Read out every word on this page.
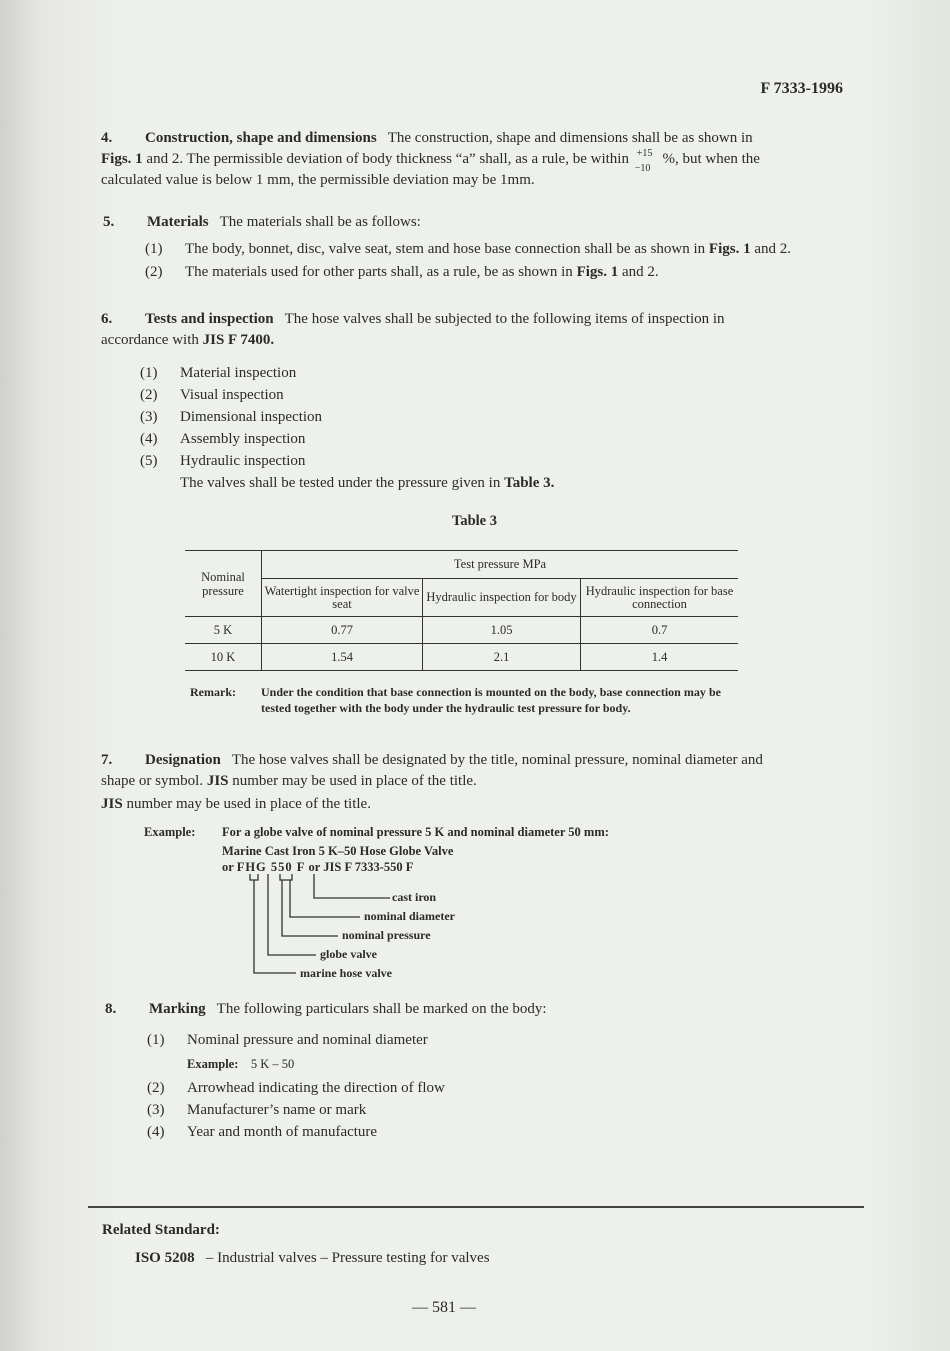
F 7333-1996
4. Construction, shape and dimensions The construction, shape and dimensions shall be as shown in
Figs. 1 and 2. The permissible deviation of body thickness “a” shall, as a rule, be within +15
−10
%, but when the
calculated value is below 1 mm, the permissible deviation may be 1mm.
5. Materials The materials shall be as follows:
(1) The body, bonnet, disc, valve seat, stem and hose base connection shall be as shown in Figs. 1 and 2.
(2) The materials used for other parts shall, as a rule, be as shown in Figs. 1 and 2.
6. Tests and inspection The hose valves shall be subjected to the following items of inspection in
accordance with JIS F 7400.
(1) Material inspection
(2) Visual inspection
(3) Dimensional inspection
(4) Assembly inspection
(5) Hydraulic inspection
The valves shall be tested under the pressure given in Table 3.
Table 3
Nominal pressure	Test pressure MPa		
	Watertight inspection for valve seat	Hydraulic inspection for body	Hydraulic inspection for base connection
5 K	0.77	1.05	0.7
10 K	1.54	2.1	1.4
Remark: Under the condition that base connection is mounted on the body, base connection may be tested together with the body under the hydraulic test pressure for body.
7. Designation The hose valves shall be designated by the title, nominal pressure, nominal diameter and
shape or symbol. JIS number may be used in place of the title.
JIS number may be used in place of the title.
Example: For a globe valve of nominal pressure 5 K and nominal diameter 50 mm:
Marine Cast Iron 5 K–50 Hose Globe Valve
or FHG 550 F or JIS F 7333-550 F
cast iron
nominal diameter
nominal pressure
globe valve
marine hose valve
8. Marking The following particulars shall be marked on the body:
(1) Nominal pressure and nominal diameter
Example: 5 K – 50
(2) Arrowhead indicating the direction of flow
(3) Manufacturer’s name or mark
(4) Year and month of manufacture
Related Standard:
ISO 5208 – Industrial valves – Pressure testing for valves
— 581 —
